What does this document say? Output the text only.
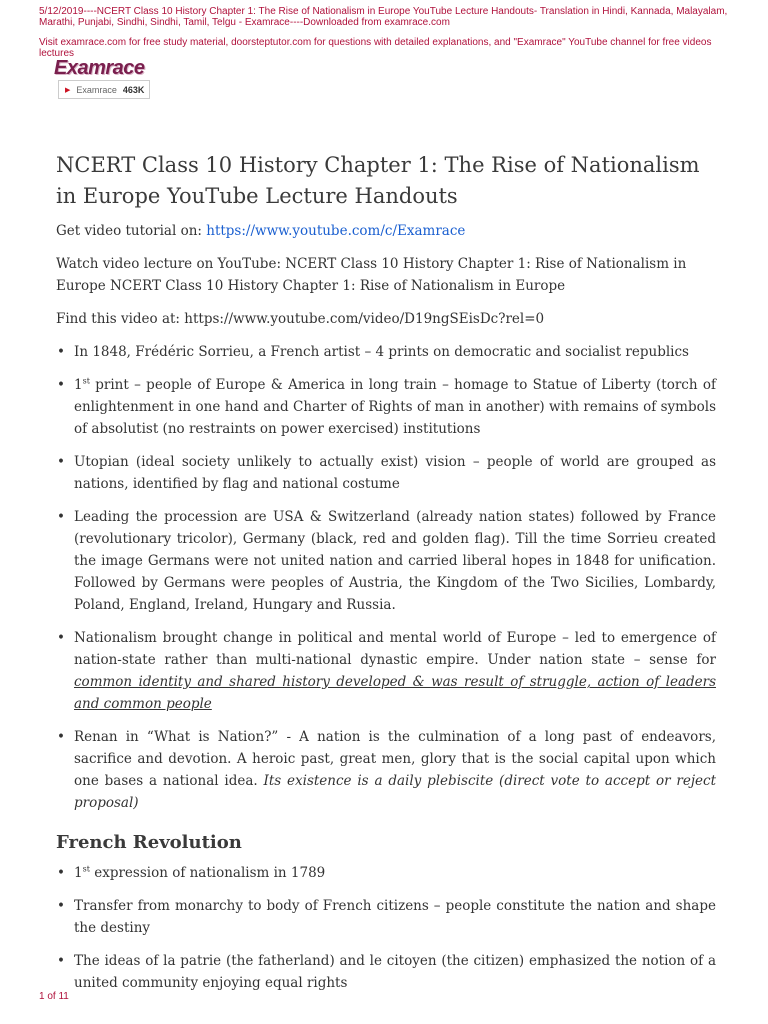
5/12/2019----NCERT Class 10 History Chapter 1: The Rise of Nationalism in Europe YouTube Lecture Handouts- Translation in Hindi, Kannada, Malayalam, Marathi, Punjabi, Sindhi, Sindhi, Tamil, Telgu - Examrace----Downloaded from examrace.com

Visit examrace.com for free study material, doorsteptutor.com for questions with detailed explanations, and "Examrace" YouTube channel for free videos lectures

Examrace
▶ Examrace 463K
NCERT Class 10 History Chapter 1: The Rise of Nationalism in Europe YouTube Lecture Handouts

Get video tutorial on: https://www.youtube.com/c/Examrace

Watch video lecture on YouTube: NCERT Class 10 History Chapter 1: Rise of Nationalism in Europe NCERT Class 10 History Chapter 1: Rise of Nationalism in Europe

Find this video at: https://www.youtube.com/video/D19ngSEisDc?rel=0

• In 1848, Frédéric Sorrieu, a French artist – 4 prints on democratic and socialist republics
• 1st print – people of Europe & America in long train – homage to Statue of Liberty (torch of enlightenment in one hand and Charter of Rights of man in another) with remains of symbols of absolutist (no restraints on power exercised) institutions
• Utopian (ideal society unlikely to actually exist) vision – people of world are grouped as nations, identified by flag and national costume
• Leading the procession are USA & Switzerland (already nation states) followed by France (revolutionary tricolor), Germany (black, red and golden flag). Till the time Sorrieu created the image Germans were not united nation and carried liberal hopes in 1848 for unification. Followed by Germans were peoples of Austria, the Kingdom of the Two Sicilies, Lombardy, Poland, England, Ireland, Hungary and Russia.
• Nationalism brought change in political and mental world of Europe – led to emergence of nation-state rather than multi-national dynastic empire. Under nation state – sense for common identity and shared history developed & was result of struggle, action of leaders and common people
• Renan in “What is Nation?” - A nation is the culmination of a long past of endeavors, sacrifice and devotion. A heroic past, great men, glory that is the social capital upon which one bases a national idea. Its existence is a daily plebiscite (direct vote to accept or reject proposal)
French Revolution
• 1st expression of nationalism in 1789
• Transfer from monarchy to body of French citizens – people constitute the nation and shape the destiny
• The ideas of la patrie (the fatherland) and le citoyen (the citizen) emphasized the notion of a united community enjoying equal rights
1 of 11
